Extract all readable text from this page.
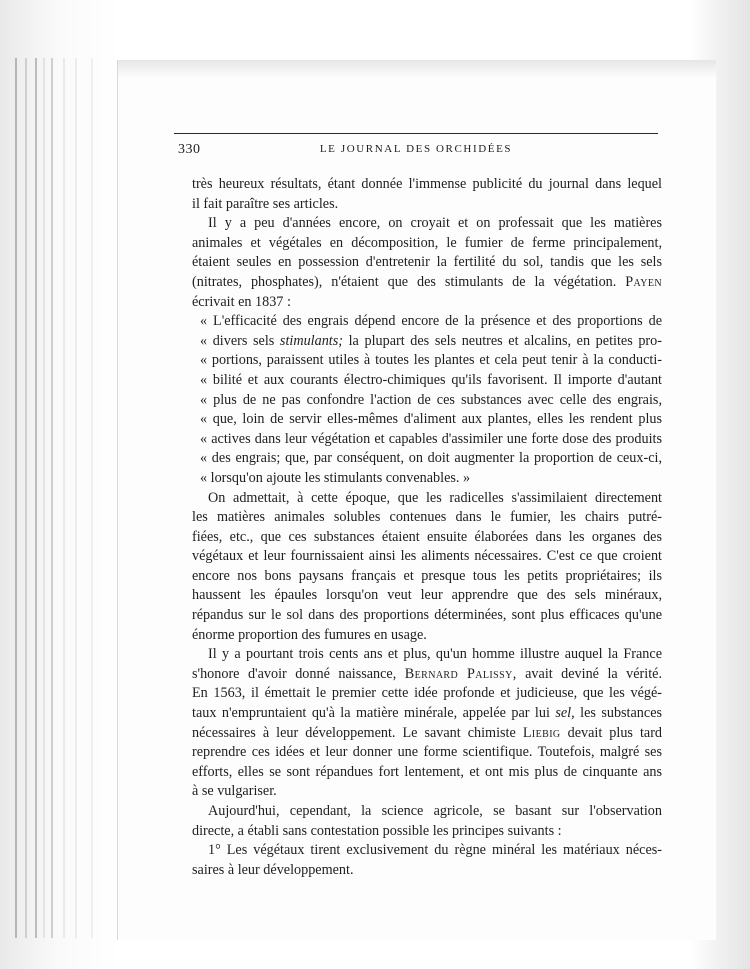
330	LE JOURNAL DES ORCHIDÉES
très heureux résultats, étant donnée l'immense publicité du journal dans lequel
il fait paraître ses articles.
Il y a peu d'années encore, on croyait et on professait que les matières
animales et végétales en décomposition, le fumier de ferme principalement,
étaient seules en possession d'entretenir la fertilité du sol, tandis que les sels
(nitrates, phosphates), n'étaient que des stimulants de la végétation. Payen
écrivait en 1837 :
« L'efficacité des engrais dépend encore de la présence et des proportions de
« divers sels stimulants; la plupart des sels neutres et alcalins, en petites pro-
« portions, paraissent utiles à toutes les plantes et cela peut tenir à la conducti-
« bilité et aux courants électro-chimiques qu'ils favorisent. Il importe d'autant
« plus de ne pas confondre l'action de ces substances avec celle des engrais,
« que, loin de servir elles-mêmes d'aliment aux plantes, elles les rendent plus
« actives dans leur végétation et capables d'assimiler une forte dose des produits
« des engrais; que, par conséquent, on doit augmenter la proportion de ceux-ci,
« lorsqu'on ajoute les stimulants convenables. »
On admettait, à cette époque, que les radicelles s'assimilaient directement
les matières animales solubles contenues dans le fumier, les chairs putré-
fiées, etc., que ces substances étaient ensuite élaborées dans les organes des
végétaux et leur fournissaient ainsi les aliments nécessaires. C'est ce que croient
encore nos bons paysans français et presque tous les petits propriétaires; ils
haussent les épaules lorsqu'on veut leur apprendre que des sels minéraux,
répandus sur le sol dans des proportions déterminées, sont plus efficaces qu'une
énorme proportion des fumures en usage.
Il y a pourtant trois cents ans et plus, qu'un homme illustre auquel la France
s'honore d'avoir donné naissance, Bernard Palissy, avait deviné la vérité.
En 1563, il émettait le premier cette idée profonde et judicieuse, que les végé-
taux n'empruntaient qu'à la matière minérale, appelée par lui sel, les substances
nécessaires à leur développement. Le savant chimiste Liebig devait plus tard
reprendre ces idées et leur donner une forme scientifique. Toutefois, malgré ses
efforts, elles se sont répandues fort lentement, et ont mis plus de cinquante ans
à se vulgariser.
Aujourd'hui, cependant, la science agricole, se basant sur l'observation
directe, a établi sans contestation possible les principes suivants :
1° Les végétaux tirent exclusivement du règne minéral les matériaux néces-
saires à leur développement.
